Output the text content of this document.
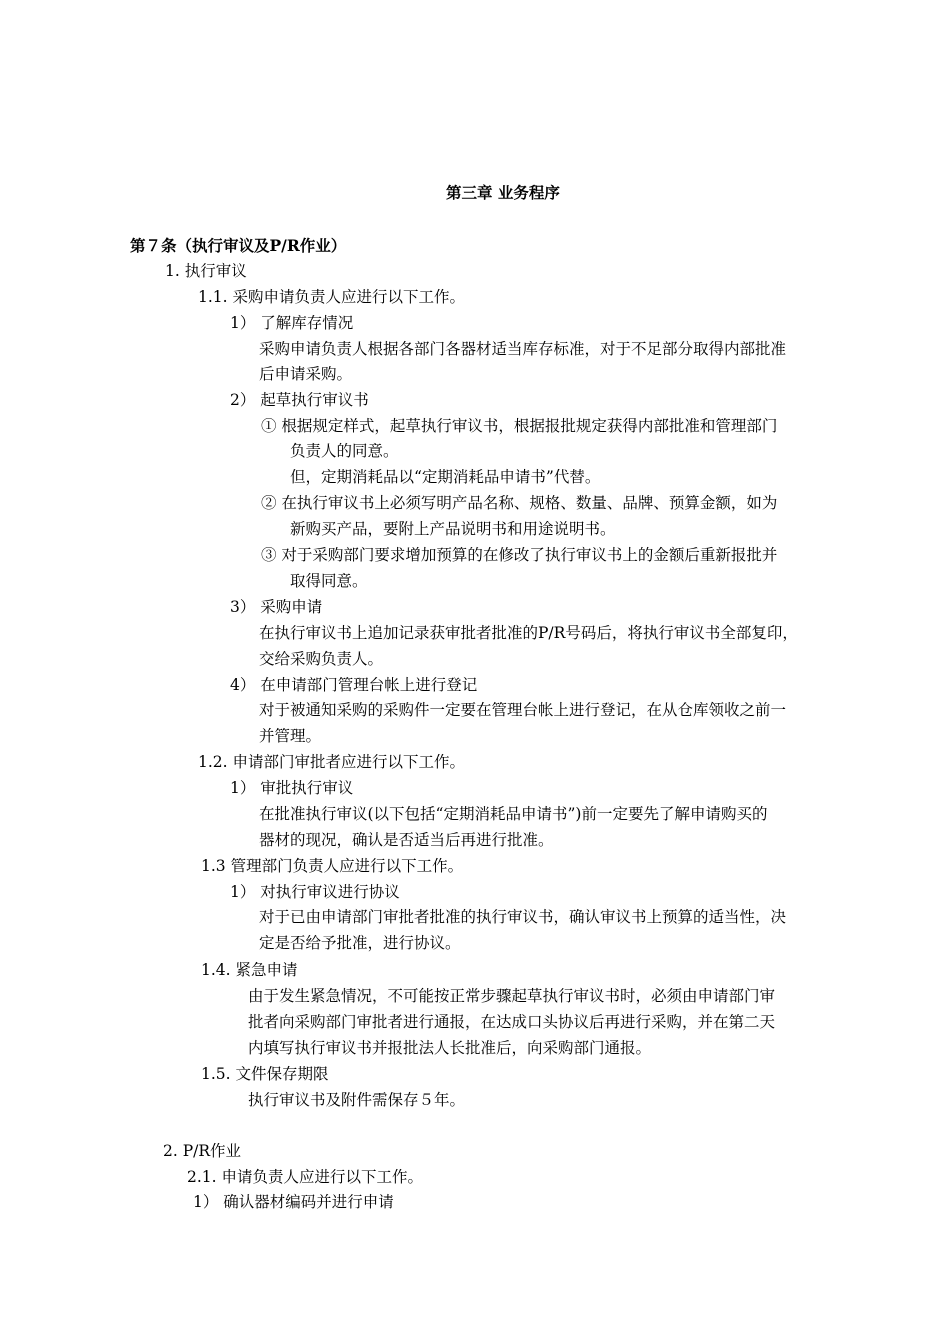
第三章 业务程序
第７条（执行审议及P/R作业）
1. 执行审议
1.1. 采购申请负责人应进行以下工作。
1） 了解库存情况
采购申请负责人根据各部门各器材适当库存标准，对于不足部分取得内部批准
后申请采购。
2） 起草执行审议书
① 根据规定样式，起草执行审议书，根据报批规定获得内部批准和管理部门
负责人的同意。
但，定期消耗品以“定期消耗品申请书”代替。
② 在执行审议书上必须写明产品名称、规格、数量、品牌、预算金额，如为
新购买产品，要附上产品说明书和用途说明书。
③ 对于采购部门要求增加预算的在修改了执行审议书上的金额后重新报批并
取得同意。
3） 采购申请
在执行审议书上追加记录获审批者批准的P/R号码后，将执行审议书全部复印，
交给采购负责人。
4） 在申请部门管理台帐上进行登记
对于被通知采购的采购件一定要在管理台帐上进行登记，在从仓库领收之前一
并管理。
1.2. 申请部门审批者应进行以下工作。
1） 审批执行审议
在批准执行审议(以下包括“定期消耗品申请书”)前一定要先了解申请购买的
器材的现况，确认是否适当后再进行批准。
1.3 管理部门负责人应进行以下工作。
1） 对执行审议进行协议
对于已由申请部门审批者批准的执行审议书，确认审议书上预算的适当性，决
定是否给予批准，进行协议。
1.4. 紧急申请
由于发生紧急情况，不可能按正常步骤起草执行审议书时，必须由申请部门审
批者向采购部门审批者进行通报，在达成口头协议后再进行采购，并在第二天
内填写执行审议书并报批法人长批准后，向采购部门通报。
1.5. 文件保存期限
执行审议书及附件需保存５年。
2. P/R作业
2.1. 申请负责人应进行以下工作。
1） 确认器材编码并进行申请
